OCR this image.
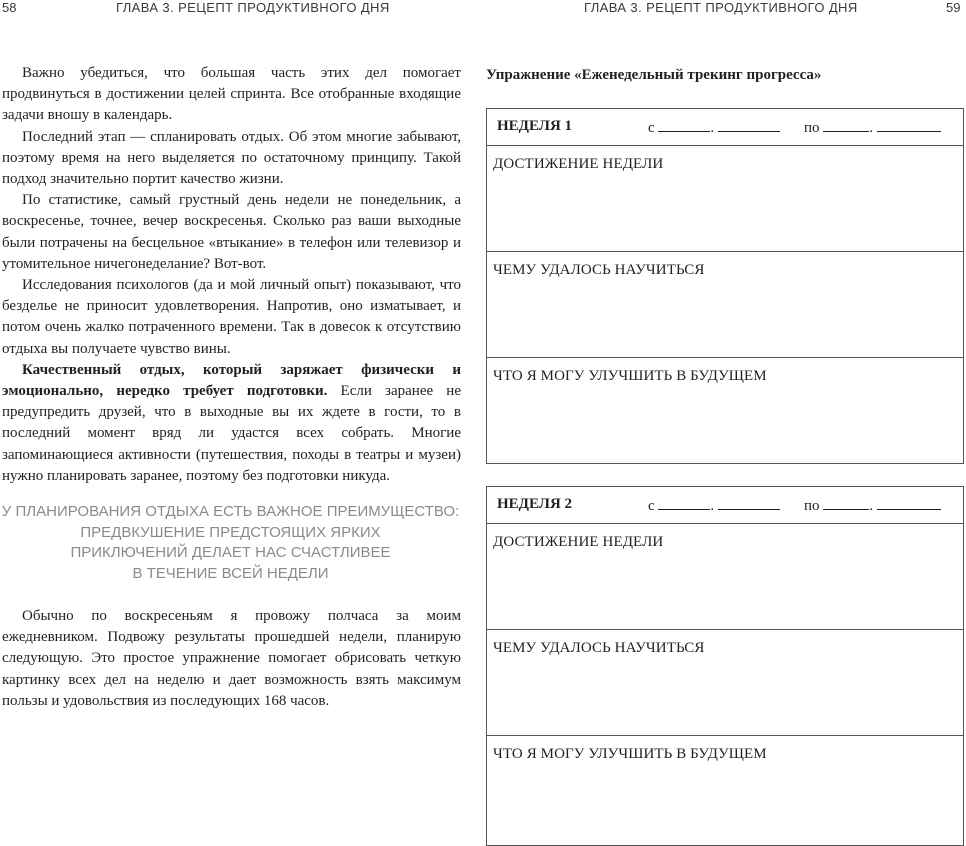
58	ГЛАВА 3. РЕЦЕПТ ПРОДУКТИВНОГО ДНЯ	ГЛАВА 3. РЕЦЕПТ ПРОДУКТИВНОГО ДНЯ	59

Важно убедиться, что большая часть этих дел помогает продвинуться в достижении целей спринта. Все отобранные входящие задачи вношу в календарь.

Последний этап — спланировать отдых. Об этом многие забывают, поэтому время на него выделяется по остаточному принципу. Такой подход значительно портит качество жизни.

По статистике, самый грустный день недели не понедельник, а воскресенье, точнее, вечер воскресенья. Сколько раз ваши выходные были потрачены на бесцельное «втыкание» в телефон или телевизор и утомительное ничегонеделание? Вот-вот.

Исследования психологов (да и мой личный опыт) показывают, что безделье не приносит удовлетворения. Напротив, оно изматывает, и потом очень жалко потраченного времени. Так в довесок к отсутствию отдыха вы получаете чувство вины.

Качественный отдых, который заряжает физически и эмоционально, нередко требует подготовки. Если заранее не предупредить друзей, что в выходные вы их ждете в гости, то в последний момент вряд ли удастся всех собрать. Многие запоминающиеся активности (путешествия, походы в театры и музеи) нужно планировать заранее, поэтому без подготовки никуда.

У ПЛАНИРОВАНИЯ ОТДЫХА ЕСТЬ ВАЖНОЕ ПРЕИМУЩЕСТВО:
ПРЕДВКУШЕНИЕ ПРЕДСТОЯЩИХ ЯРКИХ
ПРИКЛЮЧЕНИЙ ДЕЛАЕТ НАС СЧАСТЛИВЕЕ
В ТЕЧЕНИЕ ВСЕЙ НЕДЕЛИ

Обычно по воскресеньям я провожу полчаса за моим ежедневником. Подвожу результаты прошедшей недели, планирую следующую. Это простое упражнение помогает обрисовать четкую картинку всех дел на неделю и дает возможность взять максимум пользы и удовольствия из последующих 168 часов.

Упражнение «Еженедельный трекинг прогресса»
НЕДЕЛЯ 1	с	.	по	.
ДОСТИЖЕНИЕ НЕДЕЛИ
ЧЕМУ УДАЛОСЬ НАУЧИТЬСЯ
ЧТО Я МОГУ УЛУЧШИТЬ В БУДУЩЕМ
НЕДЕЛЯ 2	с	.	по	.
ДОСТИЖЕНИЕ НЕДЕЛИ
ЧЕМУ УДАЛОСЬ НАУЧИТЬСЯ
ЧТО Я МОГУ УЛУЧШИТЬ В БУДУЩЕМ
